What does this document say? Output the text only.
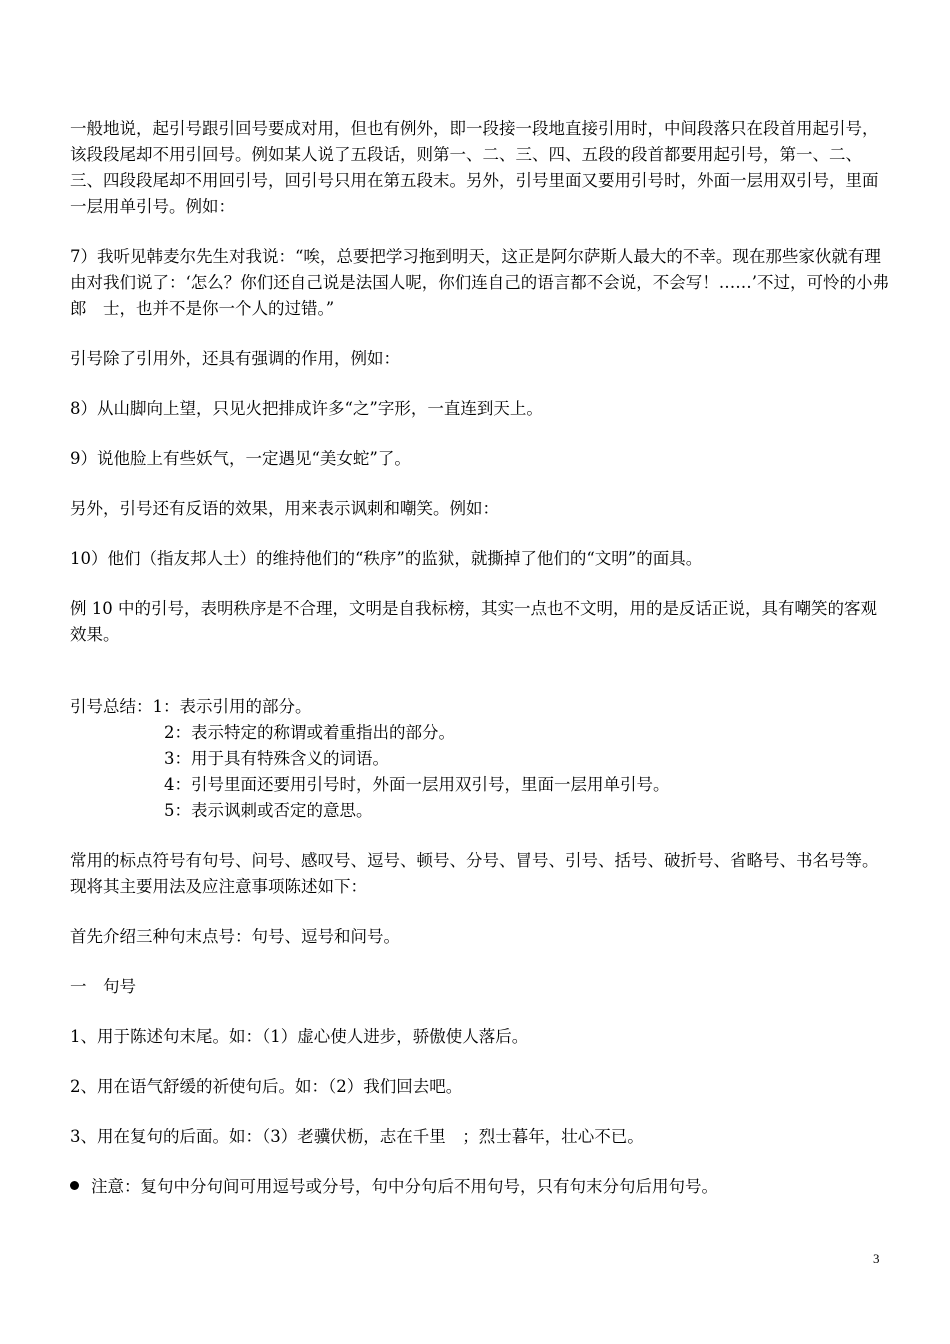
一般地说，起引号跟引回号要成对用，但也有例外，即一段接一段地直接引用时，中间段落只在段首用起引号，该段段尾却不用引回号。例如某人说了五段话，则第一、二、三、四、五段的段首都要用起引号，第一、二、三、四段段尾却不用回引号，回引号只用在第五段末。另外，引号里面又要用引号时，外面一层用双引号，里面一层用单引号。例如：

7）我听见韩麦尔先生对我说：“唉，总要把学习拖到明天，这正是阿尔萨斯人最大的不幸。现在那些家伙就有理　由对我们说了：‘怎么？你们还自己说是法国人呢，你们连自己的语言都不会说，不会写！……’不过，可怜的小弗郎　士，也并不是你一个人的过错。”

引号除了引用外，还具有强调的作用，例如：

8）从山脚向上望，只见火把排成许多“之”字形，一直连到天上。

9）说他脸上有些妖气，一定遇见“美女蛇”了。

另外，引号还有反语的效果，用来表示讽刺和嘲笑。例如：

10）他们（指友邦人士）的维持他们的“秩序”的监狱，就撕掉了他们的“文明”的面具。

例 10 中的引号，表明秩序是不合理，文明是自我标榜，其实一点也不文明，用的是反话正说，具有嘲笑的客观效果。

引号总结：1：表示引用的部分。
2：表示特定的称谓或着重指出的部分。
3：用于具有特殊含义的词语。
4：引号里面还要用引号时，外面一层用双引号，里面一层用单引号。
5：表示讽刺或否定的意思。

常用的标点符号有句号、问号、感叹号、逗号、顿号、分号、冒号、引号、括号、破折号、省略号、书名号等。现将其主要用法及应注意事项陈述如下：

首先介绍三种句末点号：句号、逗号和问号。

一　句号

1、用于陈述句末尾。如：（1）虚心使人进步，骄傲使人落后。

2、用在语气舒缓的祈使句后。如：（2）我们回去吧。

3、用在复句的后面。如：（3）老骥伏枥，志在千里　；烈士暮年，壮心不已。

注意：复句中分句间可用逗号或分号，句中分句后不用句号，只有句末分句后用句号。

3
